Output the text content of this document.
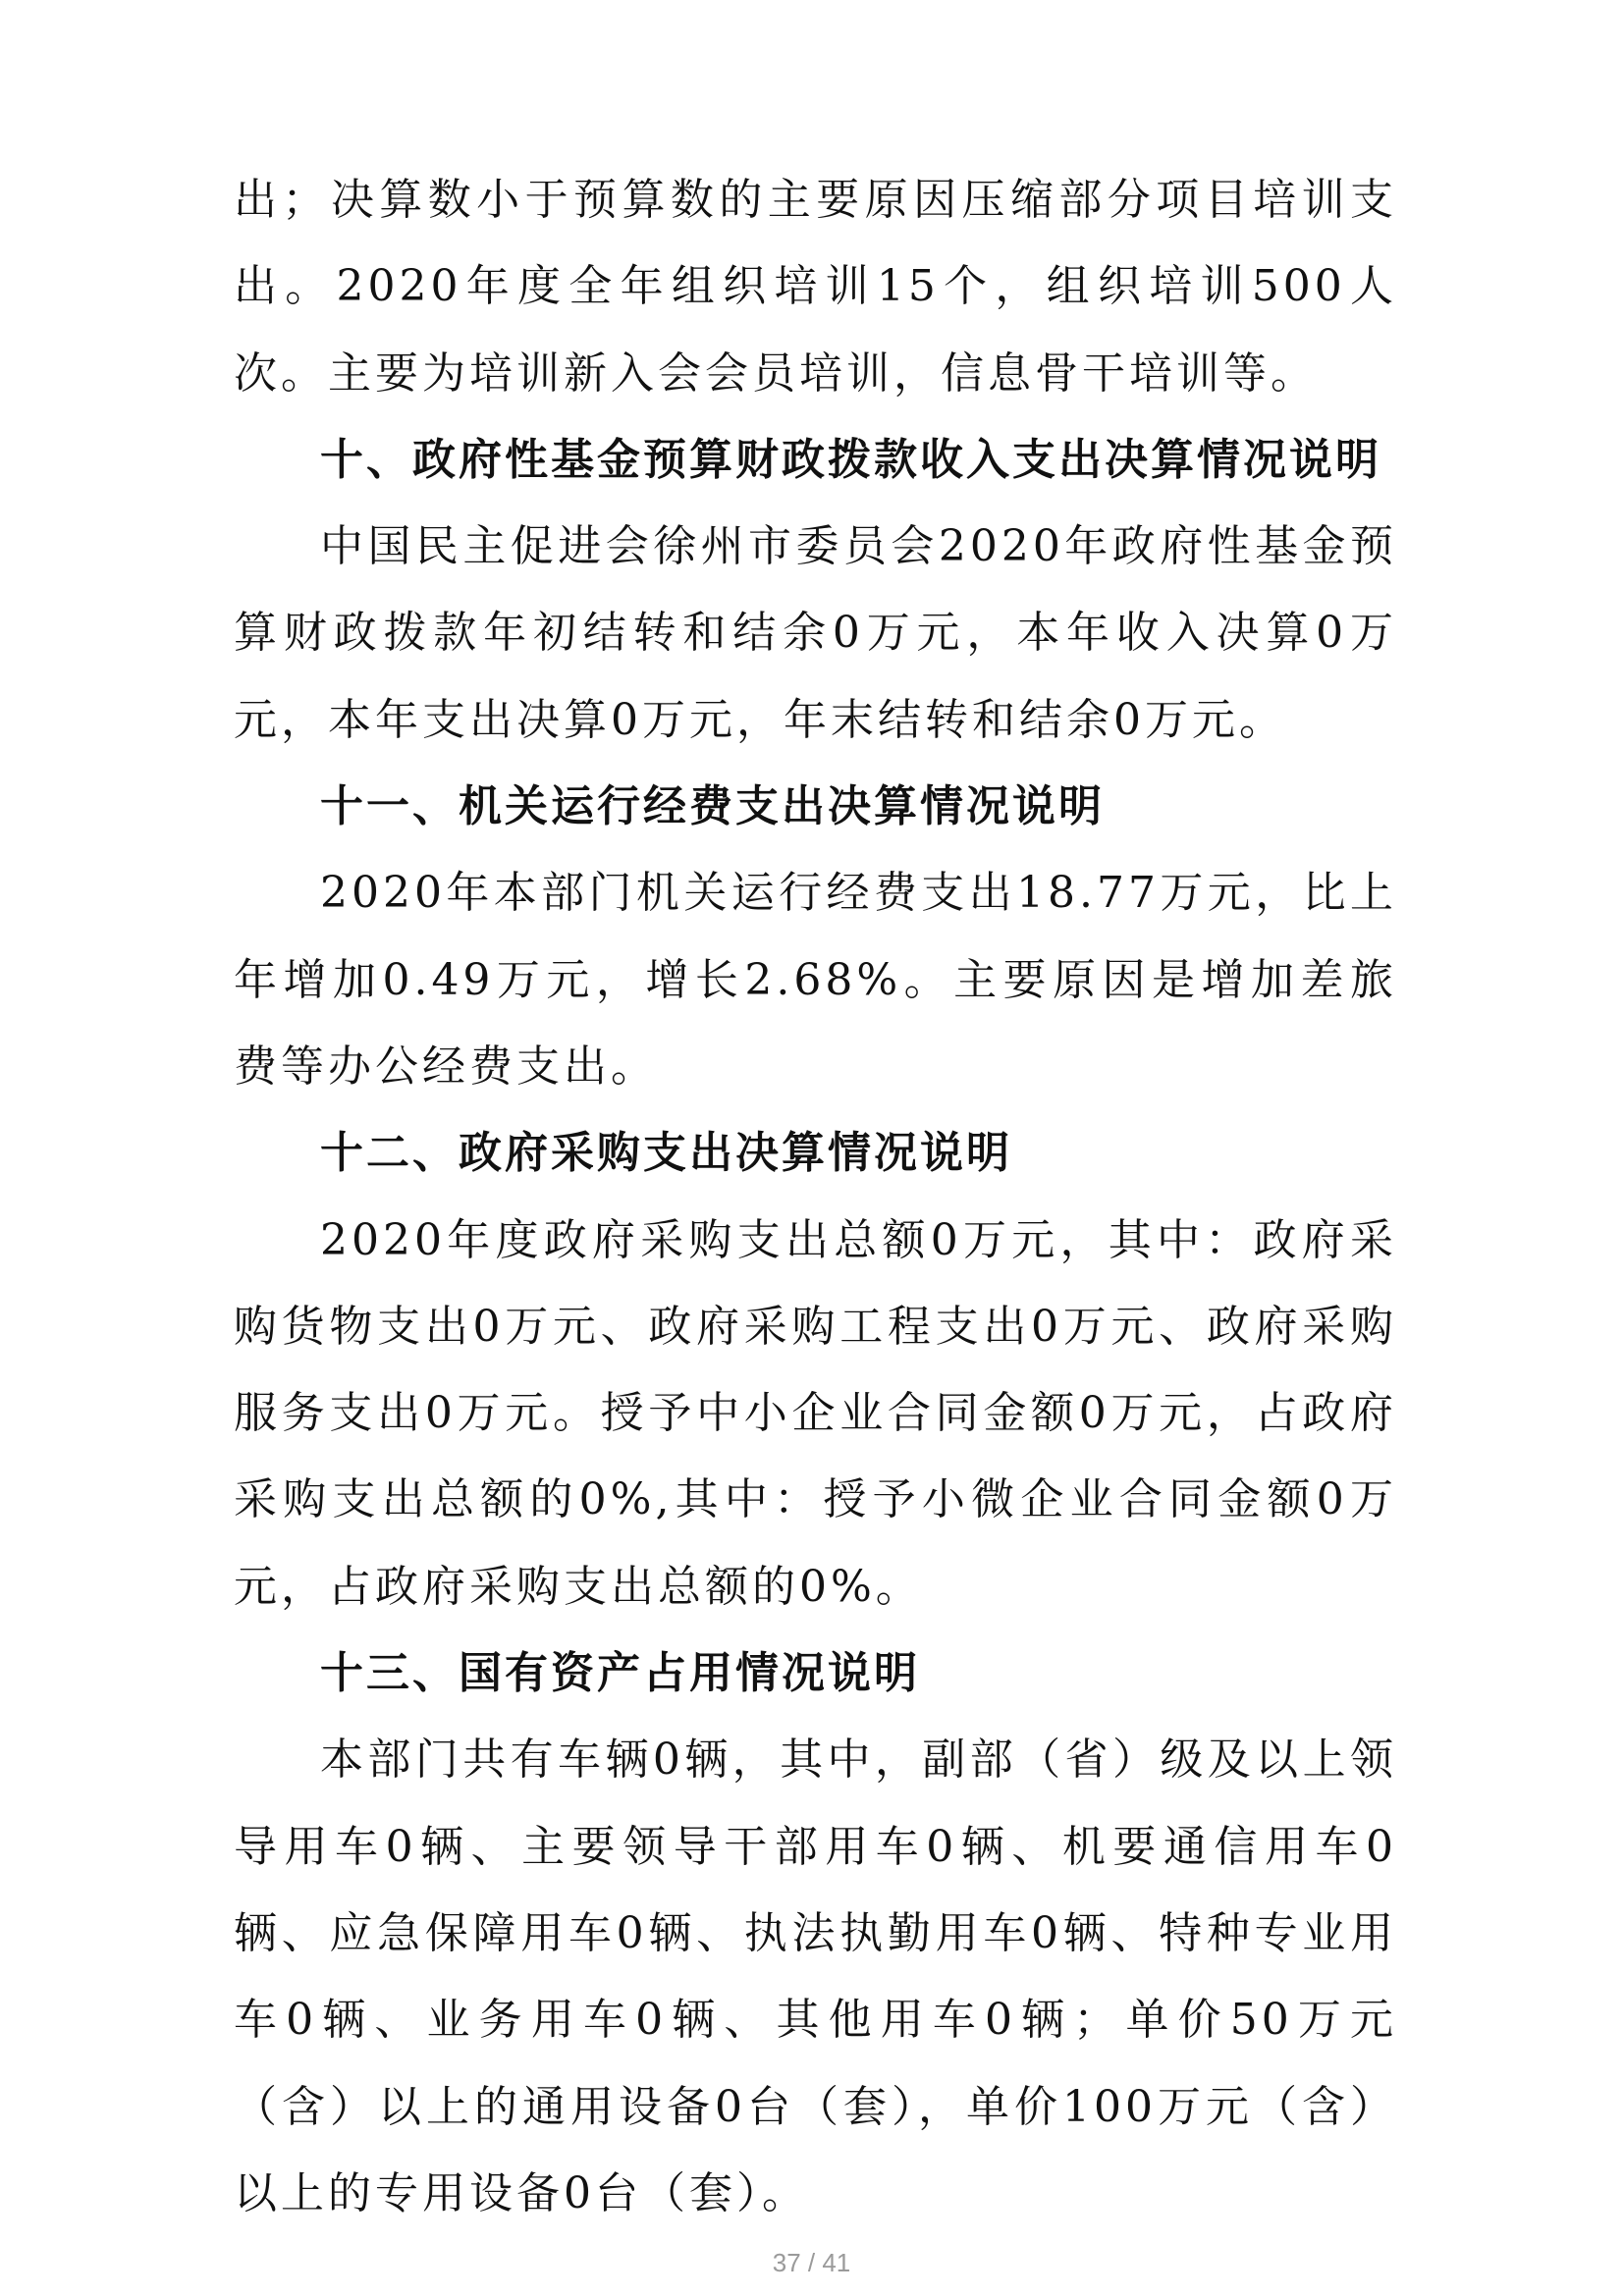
出；决算数小于预算数的主要原因压缩部分项目培训支出。2020年度全年组织培训15个，组织培训500人次。主要为培训新入会会员培训，信息骨干培训等。

十、政府性基金预算财政拨款收入支出决算情况说明

中国民主促进会徐州市委员会2020年政府性基金预算财政拨款年初结转和结余0万元，本年收入决算0万元，本年支出决算0万元，年末结转和结余0万元。

十一、机关运行经费支出决算情况说明

2020年本部门机关运行经费支出18.77万元，比上年增加0.49万元，增长2.68%。主要原因是增加差旅费等办公经费支出。

十二、政府采购支出决算情况说明

2020年度政府采购支出总额0万元，其中：政府采购货物支出0万元、政府采购工程支出0万元、政府采购服务支出0万元。授予中小企业合同金额0万元，占政府采购支出总额的0%,其中：授予小微企业合同金额0万元，占政府采购支出总额的0%。

十三、国有资产占用情况说明

本部门共有车辆0辆，其中，副部（省）级及以上领导用车0辆、主要领导干部用车0辆、机要通信用车0辆、应急保障用车0辆、执法执勤用车0辆、特种专业用车0辆、业务用车0辆、其他用车0辆；单价50万元（含）以上的通用设备0台（套），单价100万元（含）以上的专用设备0台（套）。

37 / 41
